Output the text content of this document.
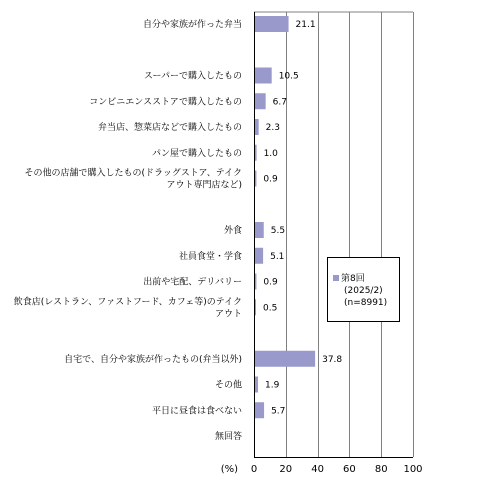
自分や家族が作った弁当
スーパーで購入したもの
コンビニエンスストアで購入したもの
弁当店、惣菜店などで購入したもの
パン屋で購入したもの
その他の店舗で購入したもの(ドラッグストア、テイク
アウト専門店など)
外食
社員食堂・学食
出前や宅配、デリバリー
飲食店(レストラン、ファストフード、カフェ等)のテイク
アウト
自宅で、自分や家族が作ったもの(弁当以外)
その他
平日に昼食は食べない
無回答
21.1
10.5
6.7
2.3
1.0
0.9
5.5
5.1
0.9
0.5
37.8
1.9
5.7
0 20 40 60 80 100
(%)
第8回
(2025/2)
(n=8991)
